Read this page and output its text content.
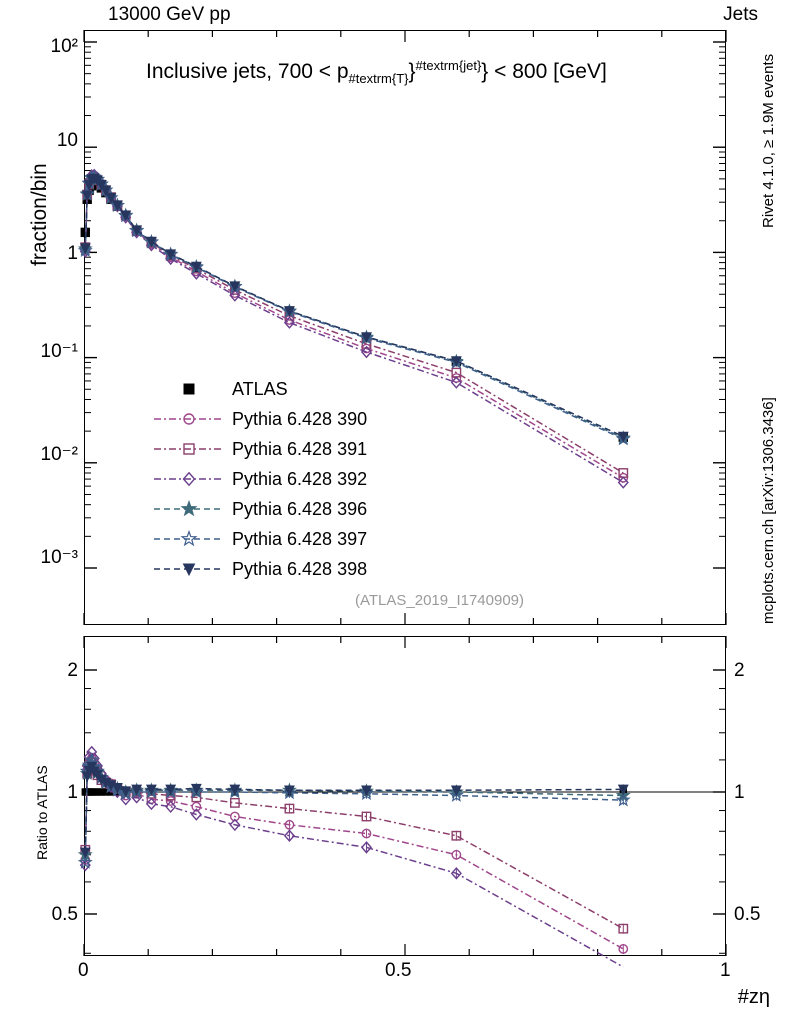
13000 GeV pp	Jets
Rivet 4.1.0, ≥ 1.9M events
mcplots.cern.ch [arXiv:1306.3436]
fraction/bin
Ratio to ATLAS
#zη
10²
10
1
10⁻¹
10⁻²
10⁻³
Inclusive jets, $700 < p_{\#textrm\{T\}}\}^{\#textrm\{jet\}}\} < 800$ [GeV]
(ATLAS_2019_I1740909)
2
1
0.5
2
1
0.5
0	0.5	1
ATLAS
Pythia 6.428 390
Pythia 6.428 391
Pythia 6.428 392
Pythia 6.428 396
Pythia 6.428 397
Pythia 6.428 398
